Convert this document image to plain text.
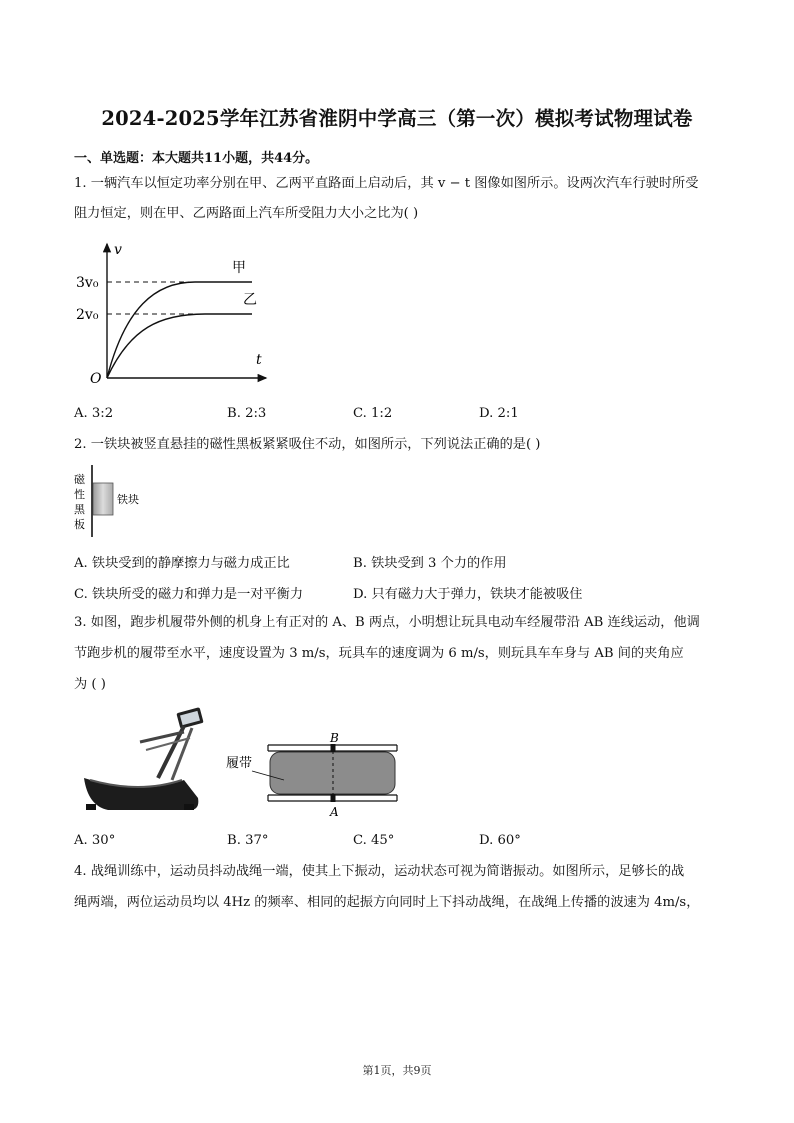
2024-2025学年江苏省淮阴中学高三（第一次）模拟考试物理试卷
一、单选题：本大题共11小题，共44分。
1. 一辆汽车以恒定功率分别在甲、乙两平直路面上启动后，其 v − t 图像如图所示。设两次汽车行驶时所受
阻力恒定，则在甲、乙两路面上汽车所受阻力大小之比为( )
v
t
O
3v₀
2v₀
甲
乙
A. 3:2	B. 2:3	C. 1:2	D. 2:1
2. 一铁块被竖直悬挂的磁性黑板紧紧吸住不动，如图所示，下列说法正确的是( )
磁
性
黑
板
铁块
A. 铁块受到的静摩擦力与磁力成正比	B. 铁块受到 3 个力的作用
C. 铁块所受的磁力和弹力是一对平衡力	D. 只有磁力大于弹力，铁块才能被吸住
3. 如图，跑步机履带外侧的机身上有正对的 A、B 两点，小明想让玩具电动车经履带沿 AB 连线运动，他调
节跑步机的履带至水平，速度设置为 3 m/s，玩具车的速度调为 6 m/s，则玩具车车身与 AB 间的夹角应
为 ( )
B
A
履带
A. 30°	B. 37°	C. 45°	D. 60°
4. 战绳训练中，运动员抖动战绳一端，使其上下振动，运动状态可视为简谐振动。如图所示，足够长的战
绳两端，两位运动员均以 4Hz 的频率、相同的起振方向同时上下抖动战绳，在战绳上传播的波速为 4m/s，
第1页，共9页
